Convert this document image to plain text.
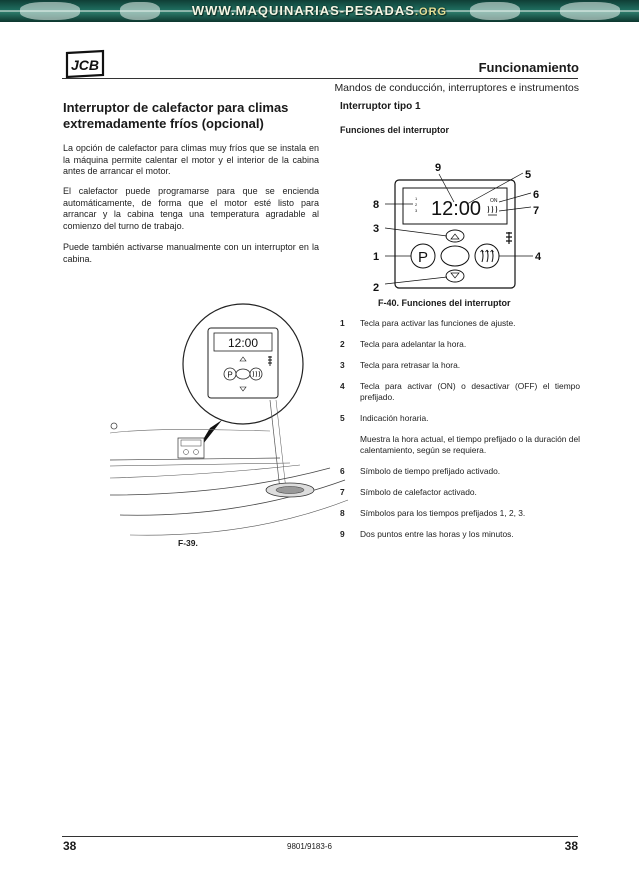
WWW.MAQUINARIAS-PESADAS.ORG
JCB	Funcionamiento
Mandos de conducción, interruptores e instrumentos
Interruptor de calefactor para climas
extremadamente fríos (opcional)
La opción de calefactor para climas muy fríos que se instala en la máquina permite calentar el motor y el interior de la cabina antes de arrancar el motor.
El calefactor puede programarse para que se encienda automáticamente, de forma que el motor esté listo para arrancar y la cabina tenga una temperatura agradable al comienzo del turno de trabajo.
Puede también activarse manualmente con un interruptor en la cabina.
12:00
P
F-39.
Interruptor tipo 1
Funciones del interruptor
1
2
3 12:00 ON
P
9
5
6
7
8
3
1	4
2
F-40. Funciones del interruptor
1	Tecla para activar las funciones de ajuste.
2	Tecla para adelantar la hora.
3	Tecla para retrasar la hora.
4	Tecla para activar (ON) o desactivar (OFF) el tiempo prefijado.
5	Indicación horaria.
Muestra la hora actual, el tiempo prefijado o la duración del calentamiento, según se requiera.
6	Símbolo de tiempo prefijado activado.
7	Símbolo de calefactor activado.
8	Símbolos para los tiempos prefijados 1, 2, 3.
9	Dos puntos entre las horas y los minutos.
38	9801/9183-6	38
